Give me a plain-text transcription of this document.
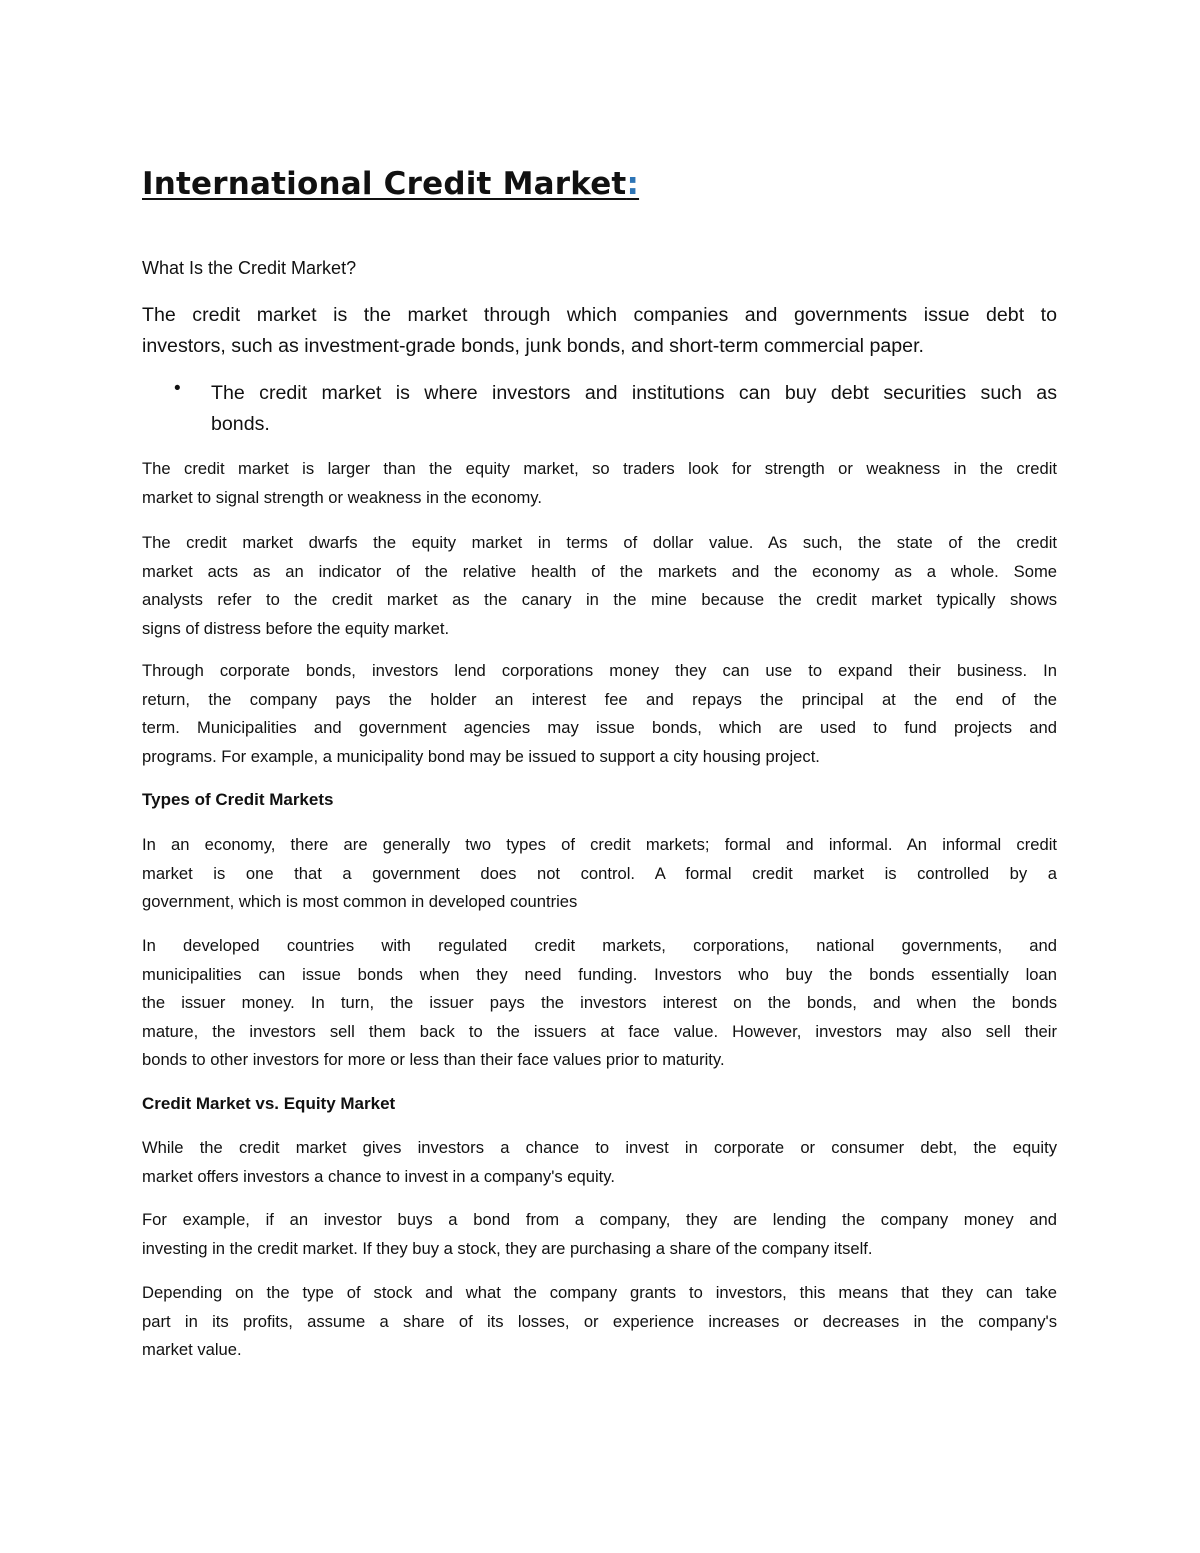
International Credit Market:
What Is the Credit Market?
The credit market is the market through which companies and governments issue debt to
investors, such as investment-grade bonds, junk bonds, and short-term commercial paper.
• The credit market is where investors and institutions can buy debt securities such as
bonds.
The credit market is larger than the equity market, so traders look for strength or weakness in the credit
market to signal strength or weakness in the economy.
The credit market dwarfs the equity market in terms of dollar value. As such, the state of the credit
market acts as an indicator of the relative health of the markets and the economy as a whole. Some
analysts refer to the credit market as the canary in the mine because the credit market typically shows
signs of distress before the equity market.
Through corporate bonds, investors lend corporations money they can use to expand their business. In
return, the company pays the holder an interest fee and repays the principal at the end of the
term. Municipalities and government agencies may issue bonds, which are used to fund projects and
programs. For example, a municipality bond may be issued to support a city housing project.
Types of Credit Markets
In an economy, there are generally two types of credit markets; formal and informal. An informal credit
market is one that a government does not control. A formal credit market is controlled by a
government, which is most common in developed countries
In developed countries with regulated credit markets, corporations, national governments, and
municipalities can issue bonds when they need funding. Investors who buy the bonds essentially loan
the issuer money. In turn, the issuer pays the investors interest on the bonds, and when the bonds
mature, the investors sell them back to the issuers at face value. However, investors may also sell their
bonds to other investors for more or less than their face values prior to maturity.
Credit Market vs. Equity Market
While the credit market gives investors a chance to invest in corporate or consumer debt, the equity
market offers investors a chance to invest in a company's equity.
For example, if an investor buys a bond from a company, they are lending the company money and
investing in the credit market. If they buy a stock, they are purchasing a share of the company itself.
Depending on the type of stock and what the company grants to investors, this means that they can take
part in its profits, assume a share of its losses, or experience increases or decreases in the company's
market value.
